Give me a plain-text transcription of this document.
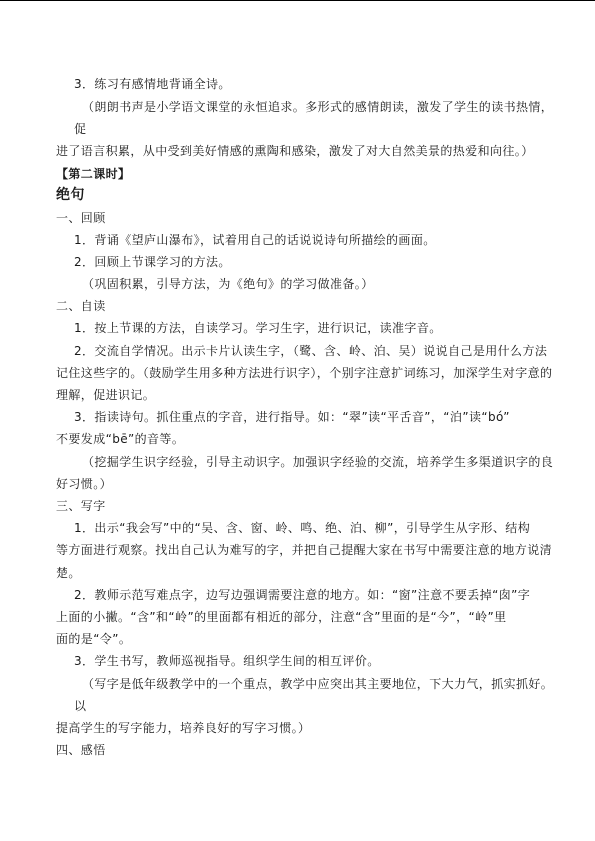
3．练习有感情地背诵全诗。
（朗朗书声是小学语文课堂的永恒追求。多形式的感情朗读，激发了学生的读书热情，
促
进了语言积累，从中受到美好情感的熏陶和感染，激发了对大自然美景的热爱和向往。）
【第二课时】
绝句
一、回顾
1．背诵《望庐山瀑布》，试着用自己的话说说诗句所描绘的画面。
2．回顾上节课学习的方法。
（巩固积累，引导方法，为《绝句》的学习做准备。）
二、自读
1．按上节课的方法，自读学习。学习生字，进行识记，读准字音。
2．交流自学情况。出示卡片认读生字，（鹭、含、岭、泊、吴）说说自己是用什么方法
记住这些字的。（鼓励学生用多种方法进行识字），个别字注意扩词练习，加深学生对字意的
理解，促进识记。
3．指读诗句。抓住重点的字音，进行指导。如：“翠”读“平舌音”，“泊”读“bó”
不要发成“bē”的音等。
（挖掘学生识字经验，引导主动识字。加强识字经验的交流，培养学生多渠道识字的良
好习惯。）
三、写字
1．出示“我会写”中的“吴、含、窗、岭、鸣、绝、泊、柳”，引导学生从字形、结构
等方面进行观察。找出自己认为难写的字，并把自己提醒大家在书写中需要注意的地方说清
楚。
2．教师示范写难点字，边写边强调需要注意的地方。如：“窗”注意不要丢掉“囱”字
上面的小撇。“含”和“岭”的里面都有相近的部分，注意“含”里面的是“今”，“岭”里
面的是“令”。
3．学生书写，教师巡视指导。组织学生间的相互评价。
（写字是低年级教学中的一个重点，教学中应突出其主要地位，下大力气，抓实抓好。
以
提高学生的写字能力，培养良好的写字习惯。）
四、感悟
